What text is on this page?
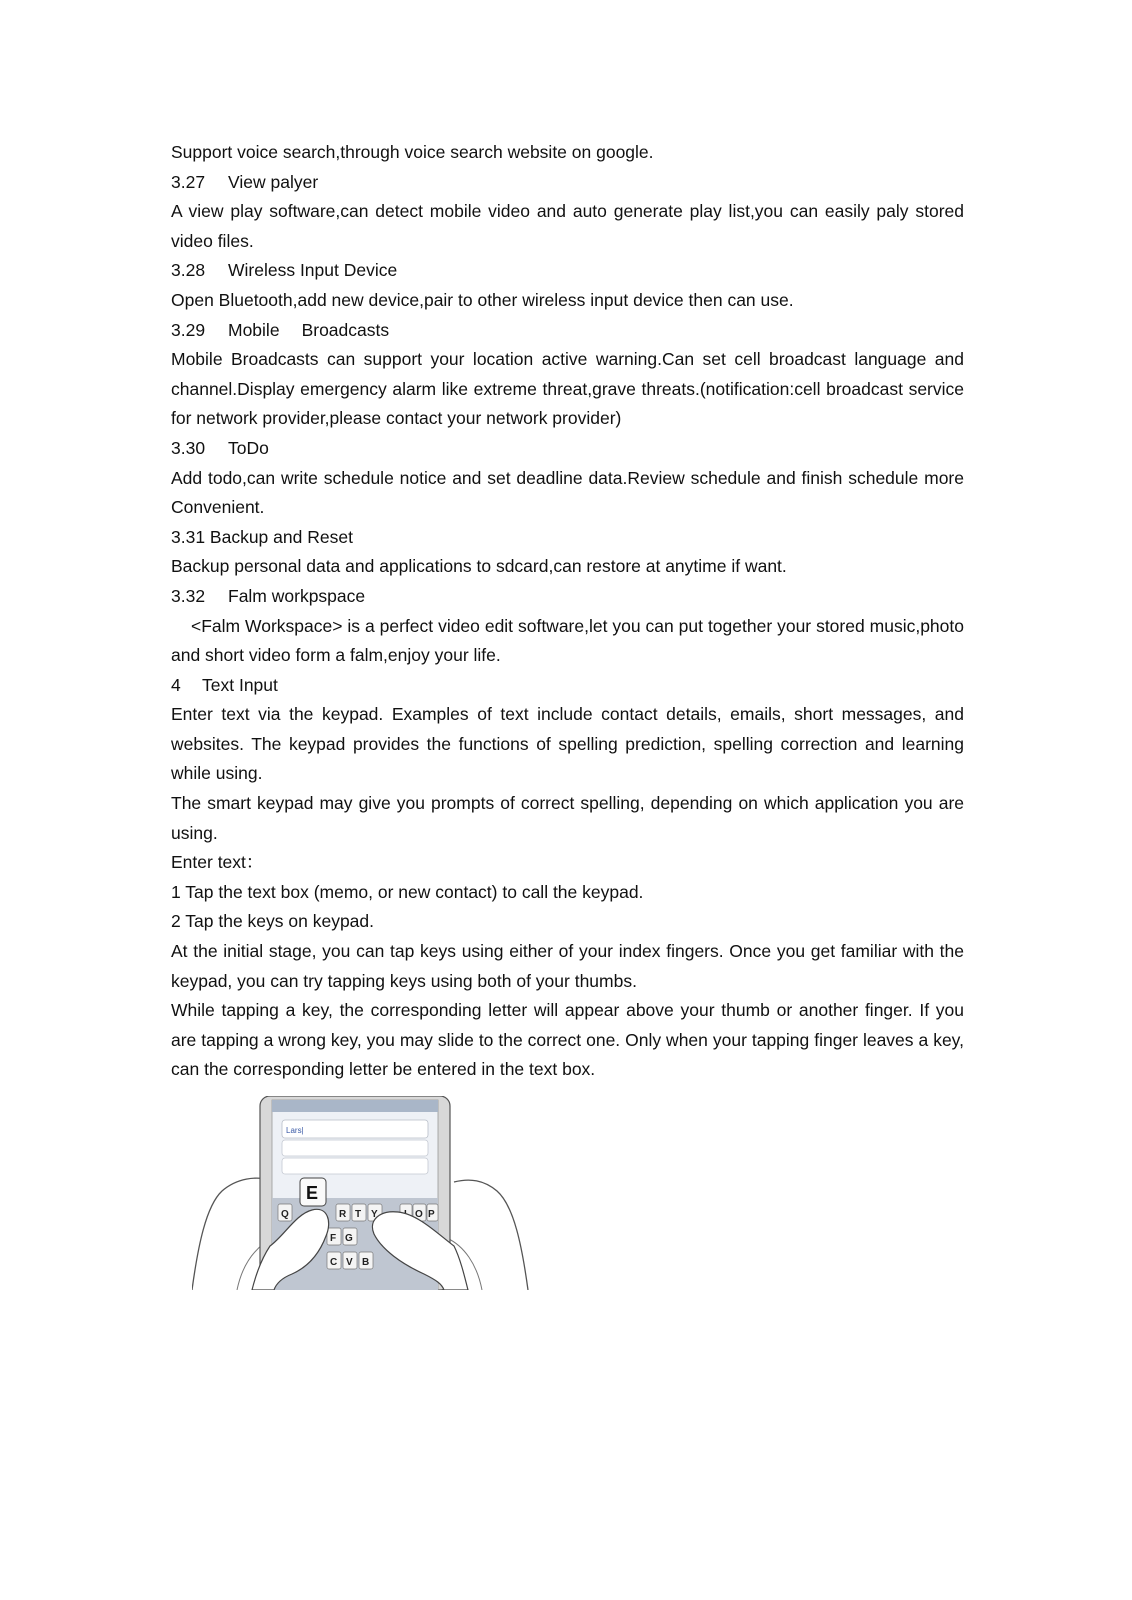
Support voice search,through voice search website on google.

3.27 View palyer

A view play software,can detect mobile video and auto generate play list,you can easily paly stored video files.

3.28 Wireless Input Device

Open Bluetooth,add new device,pair to other wireless input device then can use.

3.29 Mobile Broadcasts

Mobile Broadcasts can support your location active warning.Can set cell broadcast language and channel.Display emergency alarm like extreme threat,grave threats.(notification:cell broadcast service for network provider,please contact your network provider)

3.30 ToDo

Add todo,can write schedule notice and set deadline data.Review schedule and finish schedule more Convenient.

3.31 Backup and Reset

Backup personal data and applications to sdcard,can restore at anytime if want.

3.32 Falm workpspace

<Falm Workspace> is a perfect video edit software,let you can put together your stored music,photo and short video form a falm,enjoy your life.

4 Text Input

Enter text via the keypad. Examples of text include contact details, emails, short messages, and websites. The keypad provides the functions of spelling prediction, spelling correction and learning while using.

The smart keypad may give you prompts of correct spelling, depending on which application you are using.

Enter text：

1 Tap the text box (memo, or new contact) to call the keypad.

2 Tap the keys on keypad.

At the initial stage, you can tap keys using either of your index fingers. Once you get familiar with the keypad, you can try tapping keys using both of your thumbs.

While tapping a key, the corresponding letter will appear above your thumb or another finger. If you are tapping a wrong key, you may slide to the correct one. Only when your tapping finger leaves a key, can the corresponding letter be entered in the text box.

Lars|
Q	R T Y	O P
F G
C V B
E
